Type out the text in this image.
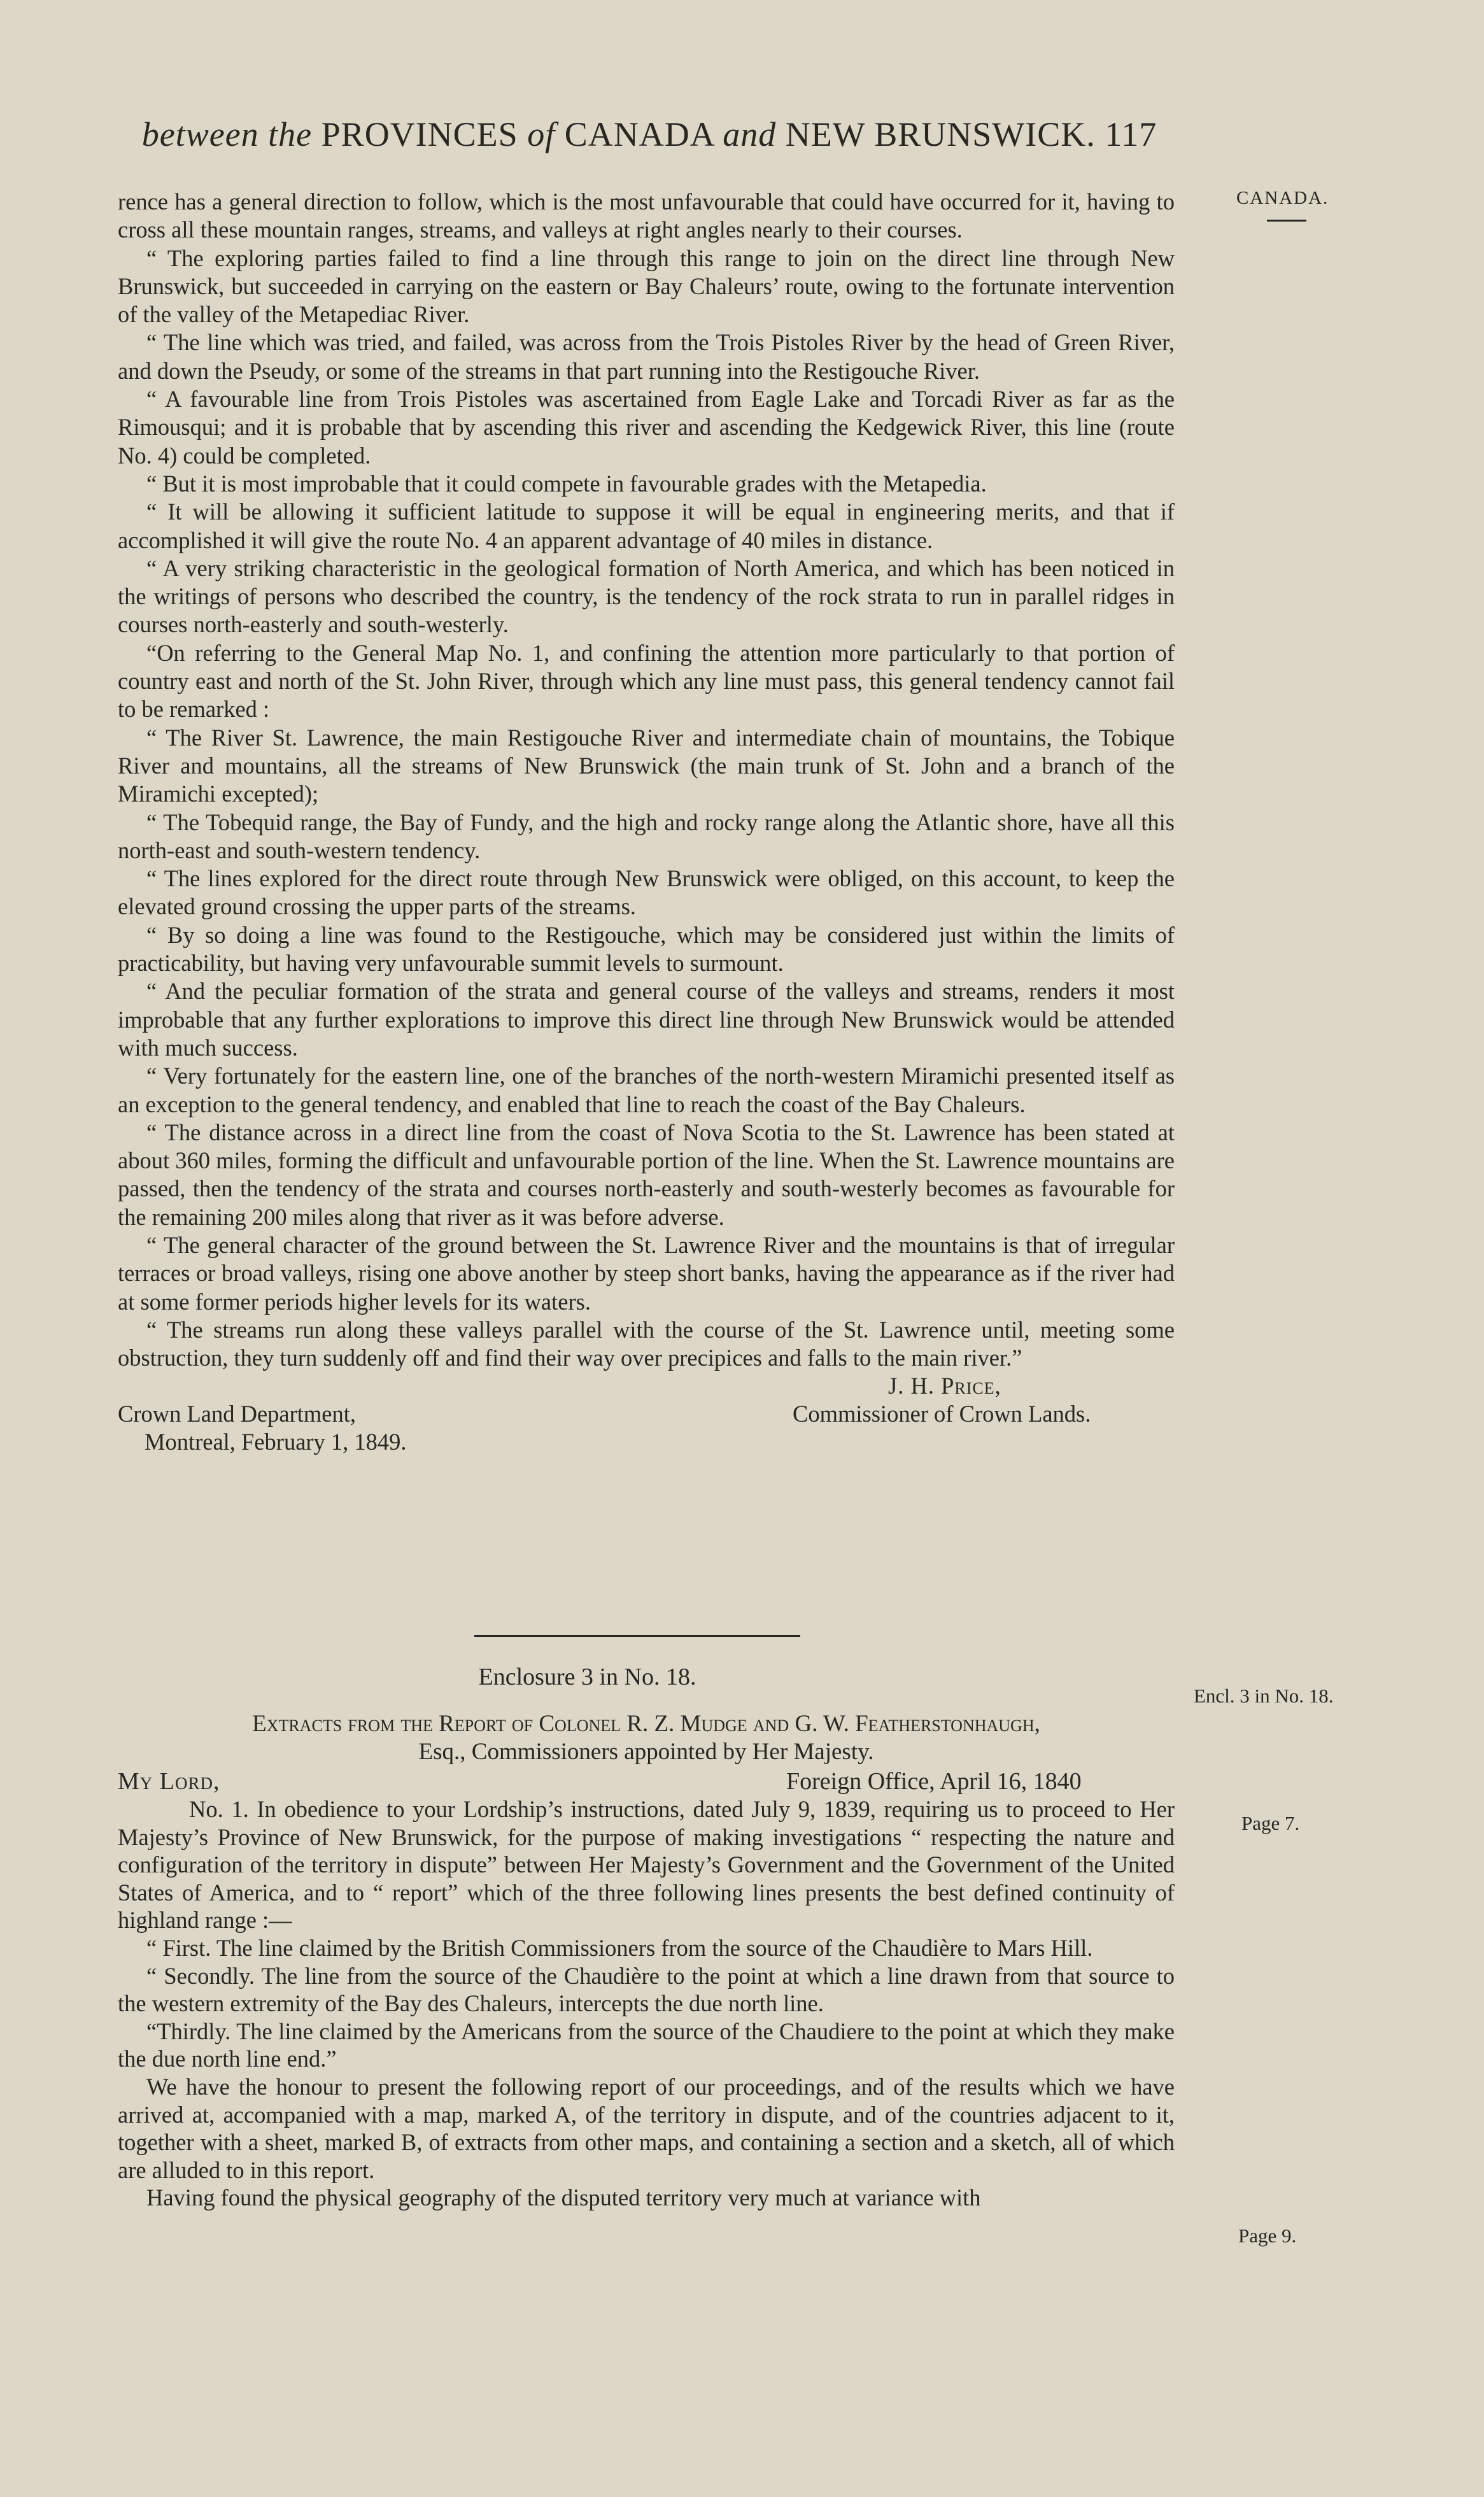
between the PROVINCES of CANADA and NEW BRUNSWICK. 117
CANADA.

rence has a general direction to follow, which is the most unfavourable that could have occurred for it, having to cross all these mountain ranges, streams, and valleys at right angles nearly to their courses.

“ The exploring parties failed to find a line through this range to join on the direct line through New Brunswick, but succeeded in carrying on the eastern or Bay Chaleurs’ route, owing to the fortunate intervention of the valley of the Metapediac River.

“ The line which was tried, and failed, was across from the Trois Pistoles River by the head of Green River, and down the Pseudy, or some of the streams in that part running into the Restigouche River.

“ A favourable line from Trois Pistoles was ascertained from Eagle Lake and Torcadi River as far as the Rimousqui; and it is probable that by ascending this river and ascending the Kedgewick River, this line (route No. 4) could be completed.

“ But it is most improbable that it could compete in favourable grades with the Metapedia.

“ It will be allowing it sufficient latitude to suppose it will be equal in engineering merits, and that if accomplished it will give the route No. 4 an apparent advantage of 40 miles in distance.

“ A very striking characteristic in the geological formation of North America, and which has been noticed in the writings of persons who described the country, is the tendency of the rock strata to run in parallel ridges in courses north-easterly and south-westerly.

“On referring to the General Map No. 1, and confining the attention more particularly to that portion of country east and north of the St. John River, through which any line must pass, this general tendency cannot fail to be remarked :

“ The River St. Lawrence, the main Restigouche River and intermediate chain of mountains, the Tobique River and mountains, all the streams of New Brunswick (the main trunk of St. John and a branch of the Miramichi excepted);

“ The Tobequid range, the Bay of Fundy, and the high and rocky range along the Atlantic shore, have all this north-east and south-western tendency.

“ The lines explored for the direct route through New Brunswick were obliged, on this account, to keep the elevated ground crossing the upper parts of the streams.

“ By so doing a line was found to the Restigouche, which may be considered just within the limits of practicability, but having very unfavourable summit levels to surmount.

“ And the peculiar formation of the strata and general course of the valleys and streams, renders it most improbable that any further explorations to improve this direct line through New Brunswick would be attended with much success.

“ Very fortunately for the eastern line, one of the branches of the north-western Miramichi presented itself as an exception to the general tendency, and enabled that line to reach the coast of the Bay Chaleurs.

“ The distance across in a direct line from the coast of Nova Scotia to the St. Lawrence has been stated at about 360 miles, forming the difficult and unfavourable portion of the line. When the St. Lawrence mountains are passed, then the tendency of the strata and courses north-easterly and south-westerly becomes as favourable for the remaining 200 miles along that river as it was before adverse.

“ The general character of the ground between the St. Lawrence River and the mountains is that of irregular terraces or broad valleys, rising one above another by steep short banks, having the appearance as if the river had at some former periods higher levels for its waters.

“ The streams run along these valleys parallel with the course of the St. Lawrence until, meeting some obstruction, they turn suddenly off and find their way over precipices and falls to the main river.”

J. H. Price,
Crown Land Department,	Commissioner of Crown Lands.
Montreal, February 1, 1849.
Enclosure 3 in No. 18.
Encl. 3 in No. 18.
Extracts from the Report of Colonel R. Z. Mudge and G. W. Featherstonhaugh,
Esq., Commissioners appointed by Her Majesty.
My Lord,	Foreign Office, April 16, 1840
Page 7.

No. 1. In obedience to your Lordship’s instructions, dated July 9, 1839, requiring us to proceed to Her Majesty’s Province of New Brunswick, for the purpose of making investigations “ respecting the nature and configuration of the territory in dispute” between Her Majesty’s Government and the Government of the United States of America, and to “ report” which of the three following lines presents the best defined continuity of highland range :—

“ First. The line claimed by the British Commissioners from the source of the Chaudière to Mars Hill.

“ Secondly. The line from the source of the Chaudière to the point at which a line drawn from that source to the western extremity of the Bay des Chaleurs, intercepts the due north line.

“Thirdly. The line claimed by the Americans from the source of the Chaudiere to the point at which they make the due north line end.”

We have the honour to present the following report of our proceedings, and of the results which we have arrived at, accompanied with a map, marked A, of the territory in dispute, and of the countries adjacent to it, together with a sheet, marked B, of extracts from other maps, and containing a section and a sketch, all of which are alluded to in this report.

Having found the physical geography of the disputed territory very much at variance with

Page 9.
